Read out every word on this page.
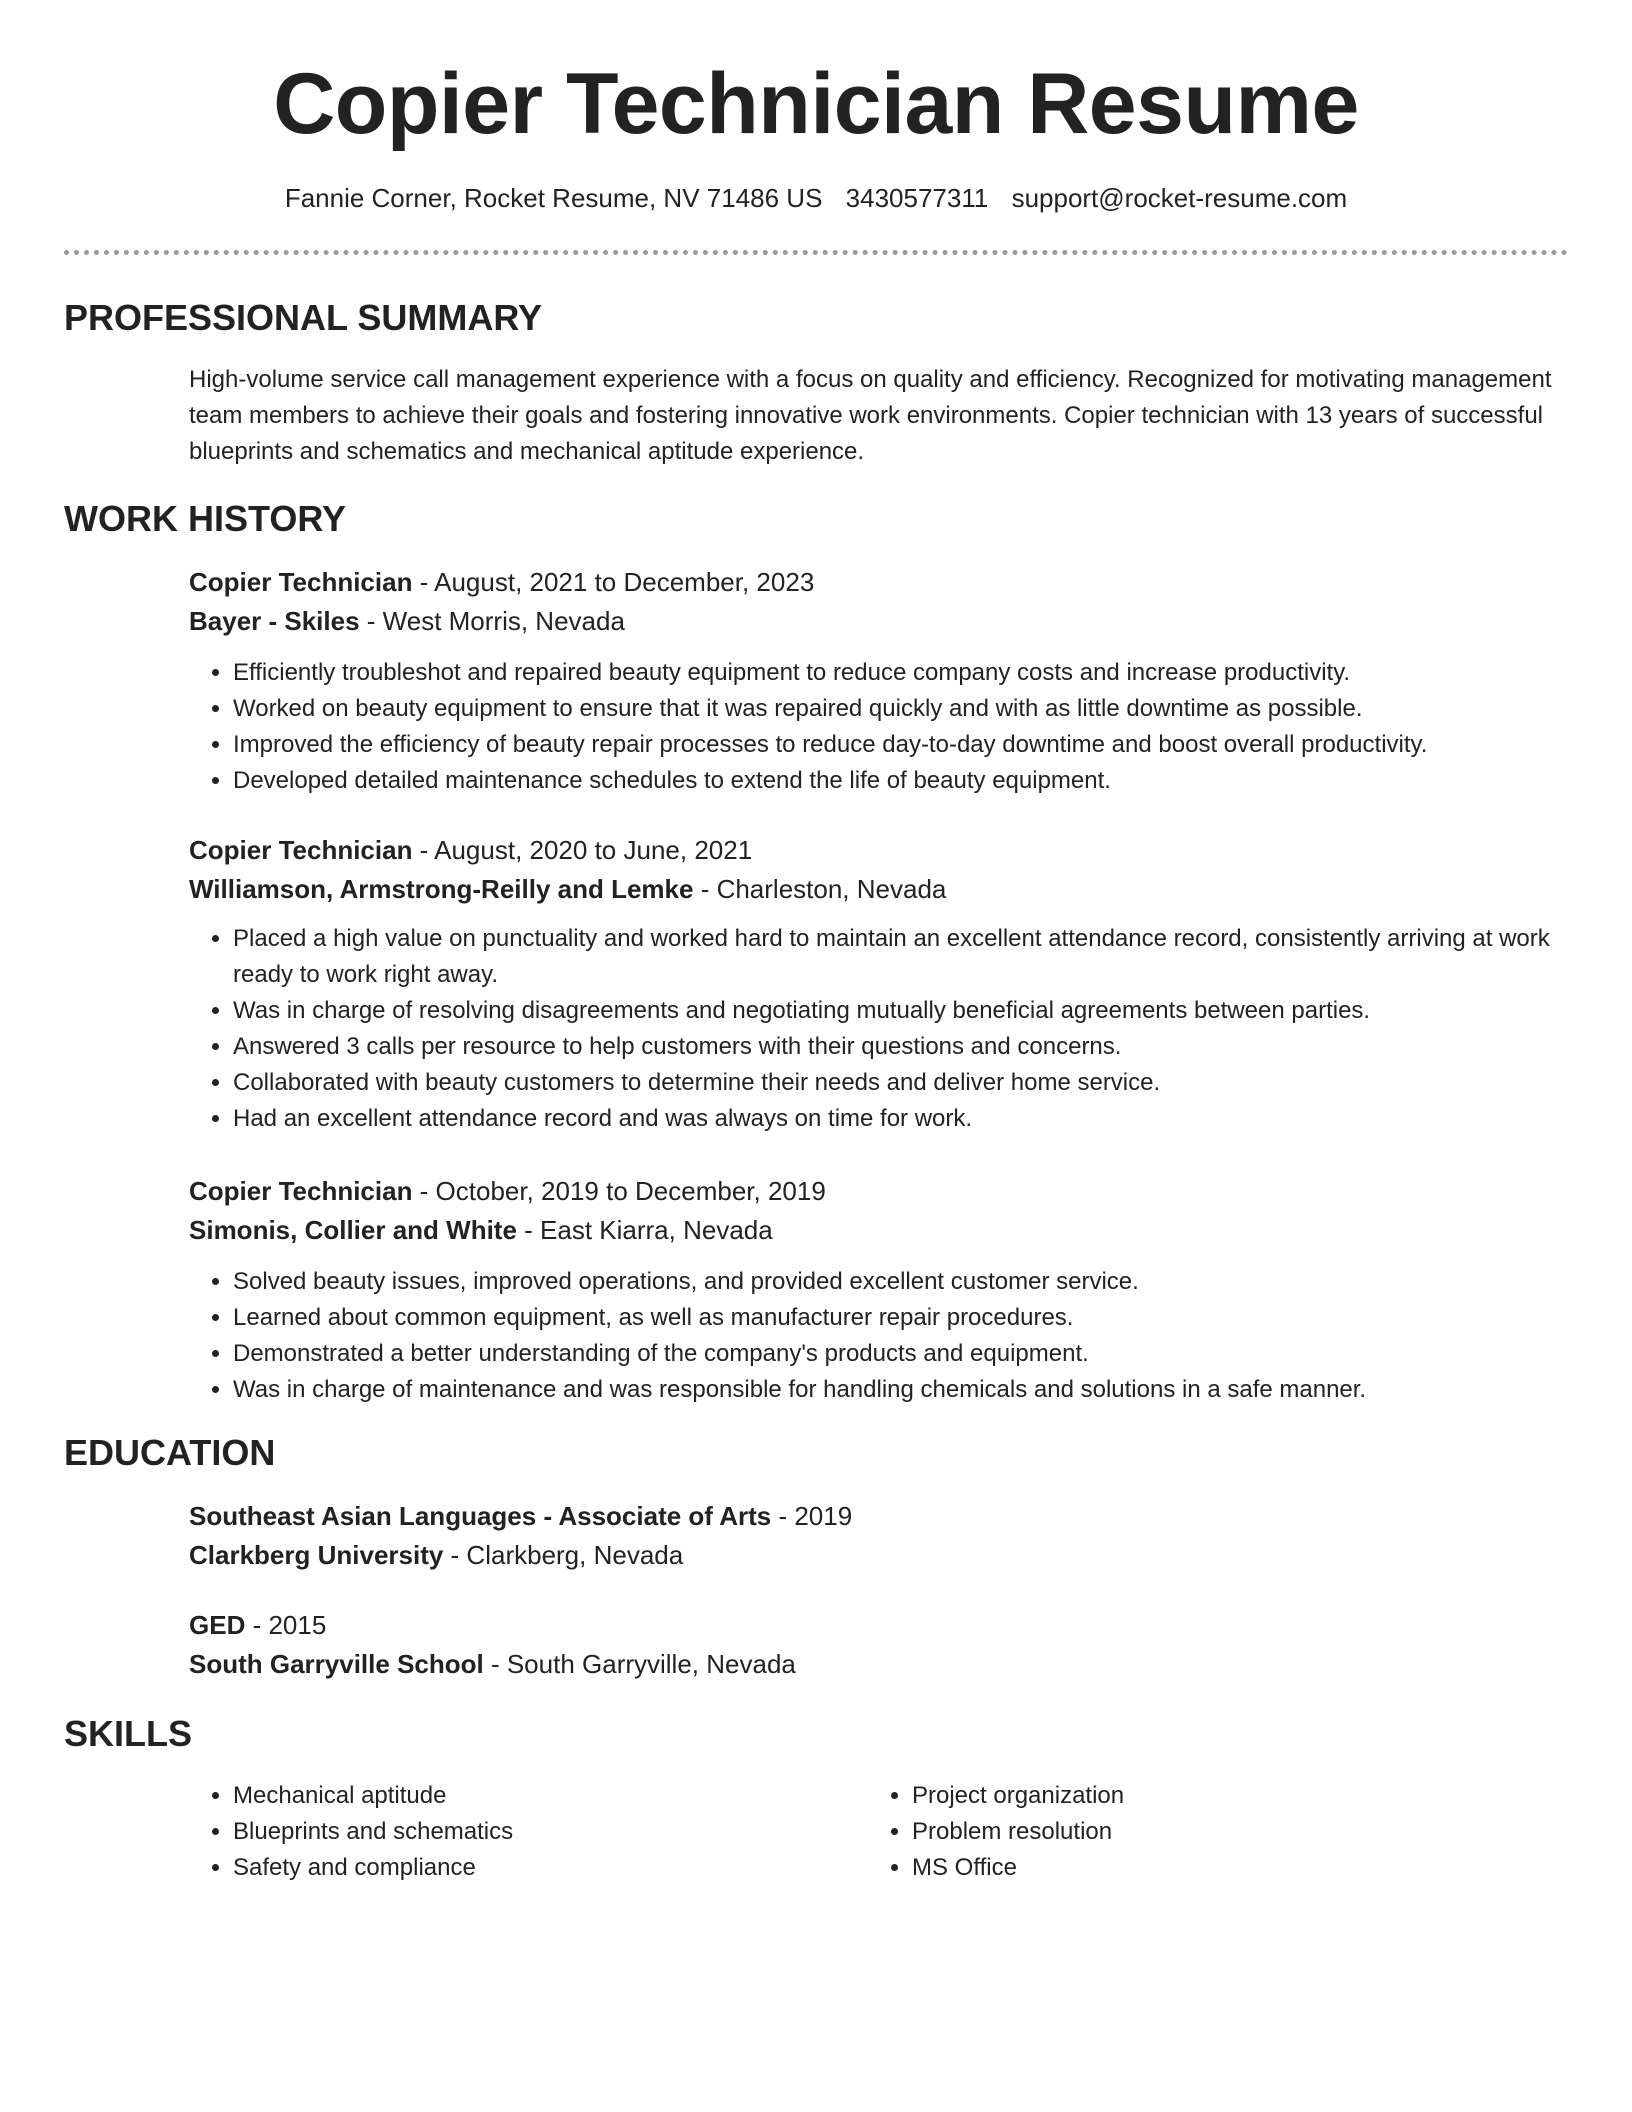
Copier Technician Resume
Fannie Corner, Rocket Resume, NV 71486 US 3430577311 support@rocket-resume.com
PROFESSIONAL SUMMARY

High-volume service call management experience with a focus on quality and efficiency. Recognized for motivating management team members to achieve their goals and fostering innovative work environments. Copier technician with 13 years of successful blueprints and schematics and mechanical aptitude experience.

WORK HISTORY

Copier Technician - August, 2021 to December, 2023

Bayer - Skiles - West Morris, Nevada

• Efficiently troubleshot and repaired beauty equipment to reduce company costs and increase productivity.
• Worked on beauty equipment to ensure that it was repaired quickly and with as little downtime as possible.
• Improved the efficiency of beauty repair processes to reduce day-to-day downtime and boost overall productivity.
• Developed detailed maintenance schedules to extend the life of beauty equipment.

Copier Technician - August, 2020 to June, 2021

Williamson, Armstrong-Reilly and Lemke - Charleston, Nevada

• Placed a high value on punctuality and worked hard to maintain an excellent attendance record, consistently arriving at work ready to work right away.
• Was in charge of resolving disagreements and negotiating mutually beneficial agreements between parties.
• Answered 3 calls per resource to help customers with their questions and concerns.
• Collaborated with beauty customers to determine their needs and deliver home service.
• Had an excellent attendance record and was always on time for work.

Copier Technician - October, 2019 to December, 2019

Simonis, Collier and White - East Kiarra, Nevada

• Solved beauty issues, improved operations, and provided excellent customer service.
• Learned about common equipment, as well as manufacturer repair procedures.
• Demonstrated a better understanding of the company's products and equipment.
• Was in charge of maintenance and was responsible for handling chemicals and solutions in a safe manner.
EDUCATION

Southeast Asian Languages - Associate of Arts - 2019

Clarkberg University - Clarkberg, Nevada

GED - 2015

South Garryville School - South Garryville, Nevada

SKILLS
• Mechanical aptitude
• Blueprints and schematics
• Safety and compliance
• Project organization
• Problem resolution
• MS Office
